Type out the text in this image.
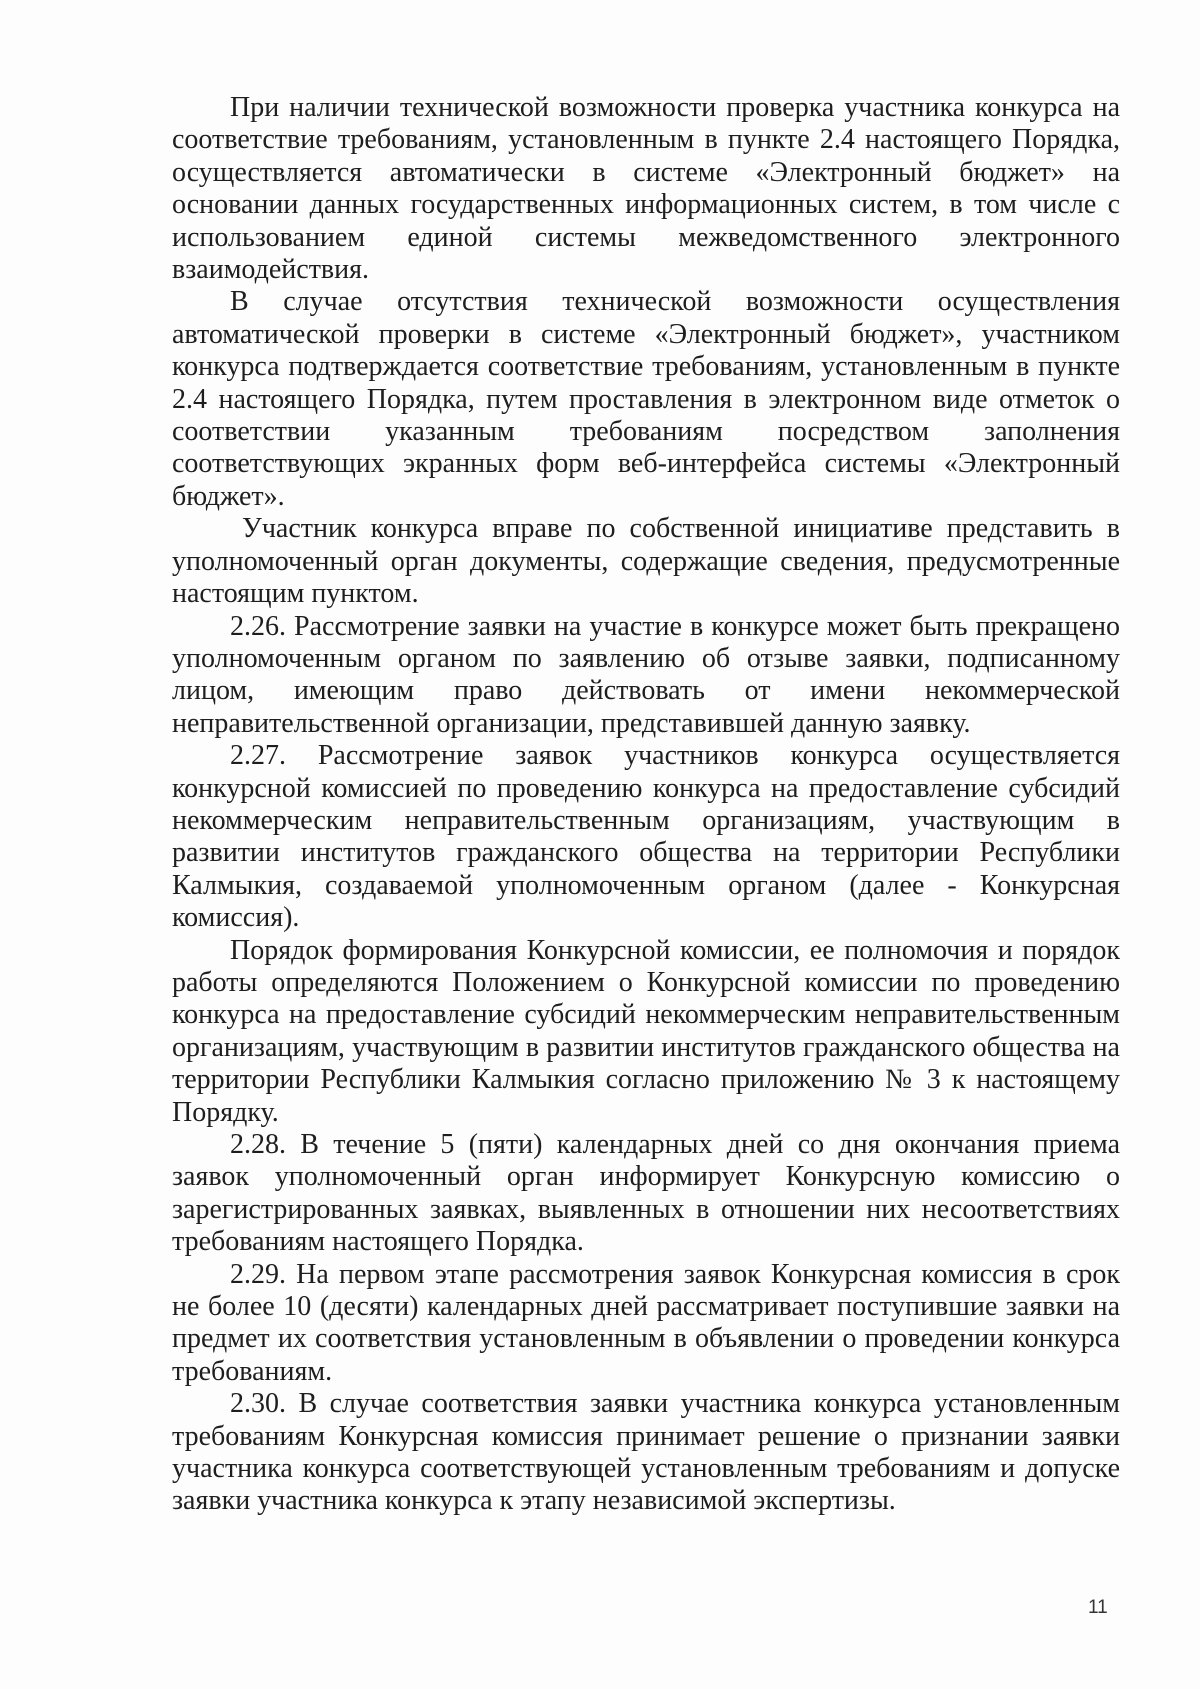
При наличии технической возможности проверка участника конкурса на соответствие требованиям, установленным в пункте 2.4 настоящего Порядка, осуществляется автоматически в системе «Электронный бюджет» на основании данных государственных информационных систем, в том числе с использованием единой системы межведомственного электронного взаимодействия.

В случае отсутствия технической возможности осуществления автоматической проверки в системе «Электронный бюджет», участником конкурса подтверждается соответствие требованиям, установленным в пункте 2.4 настоящего Порядка, путем проставления в электронном виде отметок о соответствии указанным требованиям посредством заполнения соответствующих экранных форм веб-интерфейса системы «Электронный бюджет».

Участник конкурса вправе по собственной инициативе представить в уполномоченный орган документы, содержащие сведения, предусмотренные настоящим пунктом.

2.26. Рассмотрение заявки на участие в конкурсе может быть прекращено уполномоченным органом по заявлению об отзыве заявки, подписанному лицом, имеющим право действовать от имени некоммерческой неправительственной организации, представившей данную заявку.

2.27. Рассмотрение заявок участников конкурса осуществляется конкурсной комиссией по проведению конкурса на предоставление субсидий некоммерческим неправительственным организациям, участвующим в развитии институтов гражданского общества на территории Республики Калмыкия, создаваемой уполномоченным органом (далее - Конкурсная комиссия).

Порядок формирования Конкурсной комиссии, ее полномочия и порядок работы определяются Положением о Конкурсной комиссии по проведению конкурса на предоставление субсидий некоммерческим неправительственным организациям, участвующим в развитии институтов гражданского общества на территории Республики Калмыкия согласно приложению № 3 к настоящему Порядку.

2.28. В течение 5 (пяти) календарных дней со дня окончания приема заявок уполномоченный орган информирует Конкурсную комиссию о зарегистрированных заявках, выявленных в отношении них несоответствиях требованиям настоящего Порядка.

2.29. На первом этапе рассмотрения заявок Конкурсная комиссия в срок не более 10 (десяти) календарных дней рассматривает поступившие заявки на предмет их соответствия установленным в объявлении о проведении конкурса требованиям.

2.30. В случае соответствия заявки участника конкурса установленным требованиям Конкурсная комиссия принимает решение о признании заявки участника конкурса соответствующей установленным требованиям и допуске заявки участника конкурса к этапу независимой экспертизы.

11
